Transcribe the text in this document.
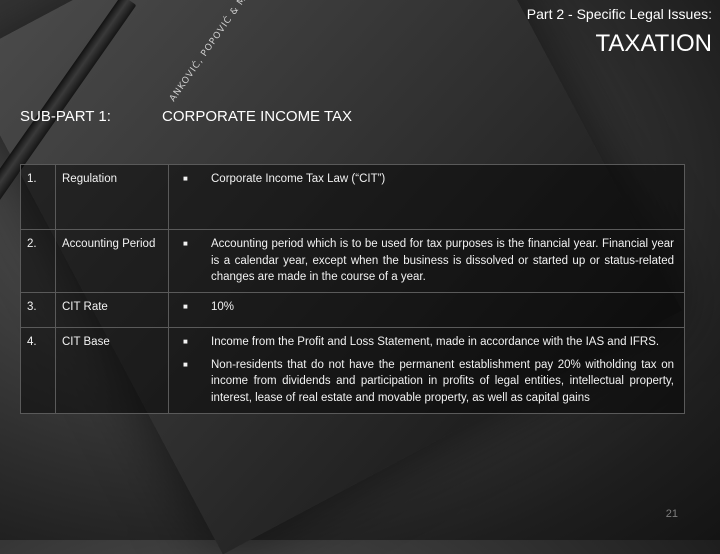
Part 2 - Specific Legal Issues:
TAXATION
SUB-PART 1:	CORPORATE INCOME TAX
1.	Regulation	■ Corporate Income Tax Law (“CIT”)

2.	Accounting Period	■ Accounting period which is to be used for tax purposes is the financial year. Financial year is a calendar year, except when the business is dissolved or started up or status-related changes are made in the course of a year.

3.	CIT Rate	■ 10%

4.	CIT Base	■ Income from the Profit and Loss Statement, made in accordance with the IAS and IFRS.
■ Non-residents that do not have the permanent establishment pay 20% witholding tax on income from dividends and participation in profits of legal entities, intellectual property, interest, lease of real estate and movable property, as well as capital gains
21
